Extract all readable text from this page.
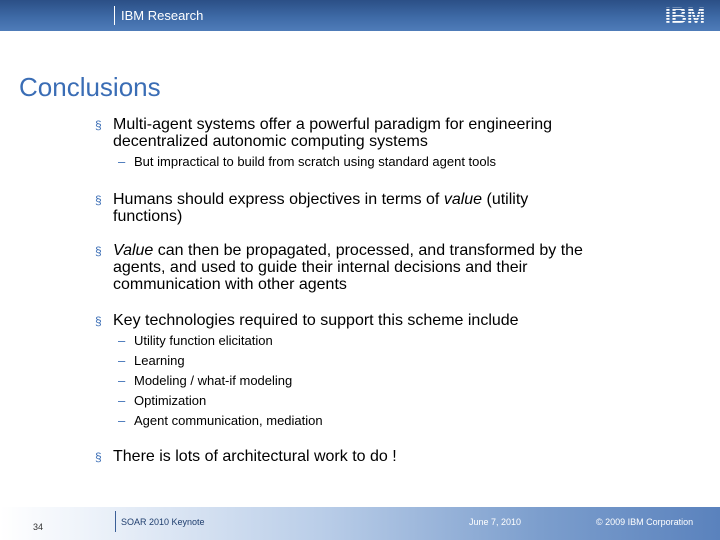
IBM Research	IBM
Conclusions
§ Multi-agent systems offer a powerful paradigm for engineering
decentralized autonomic computing systems
– But impractical to build from scratch using standard agent tools
§ Humans should express objectives in terms of value (utility
functions)
§ Value can then be propagated, processed, and transformed by the
agents, and used to guide their internal decisions and their
communication with other agents
§ Key technologies required to support this scheme include
– Utility function elicitation
– Learning
– Modeling / what-if modeling
– Optimization
– Agent communication, mediation
§ There is lots of architectural work to do !
34	SOAR 2010 Keynote	June 7, 2010	© 2009 IBM Corporation
